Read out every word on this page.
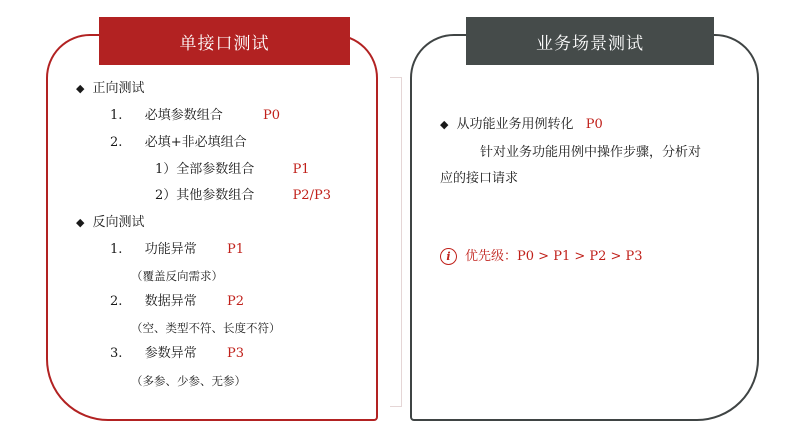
单接口测试	业务场景测试
◆ 正向测试
1. 必填参数组合	P0
2. 必填+非必填组合
1）全部参数组合	P1
2）其他参数组合	P2/P3
◆ 反向测试
1. 功能异常 P1
（覆盖反向需求）
2. 数据异常 P2
（空、类型不符、长度不符）
3. 参数异常 P3
（多参、少参、无参）
◆ 从功能业务用例转化 P0
针对业务功能用例中操作步骤，分析对
应的接口请求
i 优先级：P0 > P1 > P2 > P3
